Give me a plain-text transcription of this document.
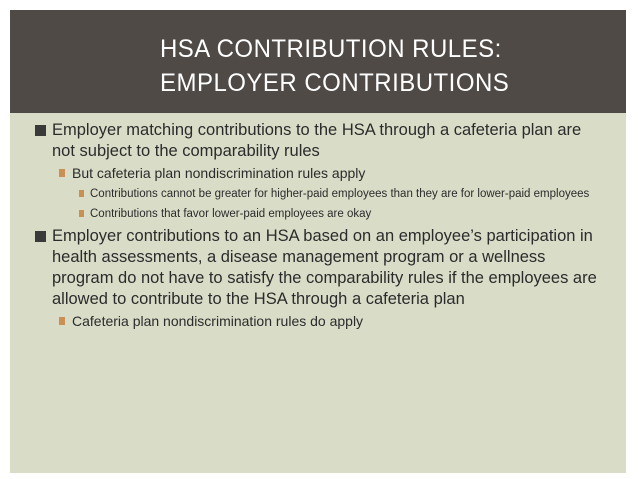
HSA CONTRIBUTION RULES:
EMPLOYER CONTRIBUTIONS
Employer matching contributions to the HSA through a cafeteria plan are not subject to the comparability rules
But cafeteria plan nondiscrimination rules apply
Contributions cannot be greater for higher-paid employees than they are for lower-paid employees
Contributions that favor lower-paid employees are okay
Employer contributions to an HSA based on an employee’s participation in health assessments, a disease management program or a wellness program do not have to satisfy the comparability rules if the employees are allowed to contribute to the HSA through a cafeteria plan
Cafeteria plan nondiscrimination rules do apply
